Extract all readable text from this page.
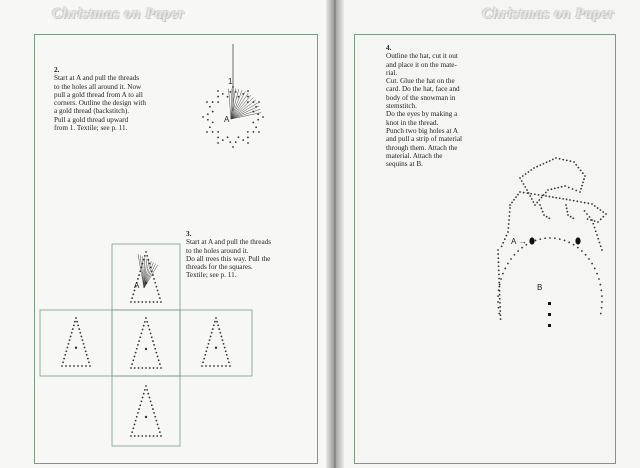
Christmas on Paper	Christmas on Paper
2.
Start at A and pull the threads
to the holes all around it. Now
pull a gold thread from A to all
corners. Outline the design with
a gold thread (backstitch).
Pull a gold thread upward
from 1. Textile; see p. 11.
3.
Start at A and pull the threads
to the holes around it.
Do all trees this way. Pull the
threads for the squares.
Textile; see p. 11.
4.
Outline the hat, cut it out
and place it on the mate-
rial.
Cut. Glue the hat on the
card. Do the hat, face and
body of the snowman in
stemstitch.
Do the eyes by making a
knot in the thread.
Punch two big holes at A
and pull a strip of material
through them. Attach the
material. Attach the
sequins at B.
1
A
A
A →
B
